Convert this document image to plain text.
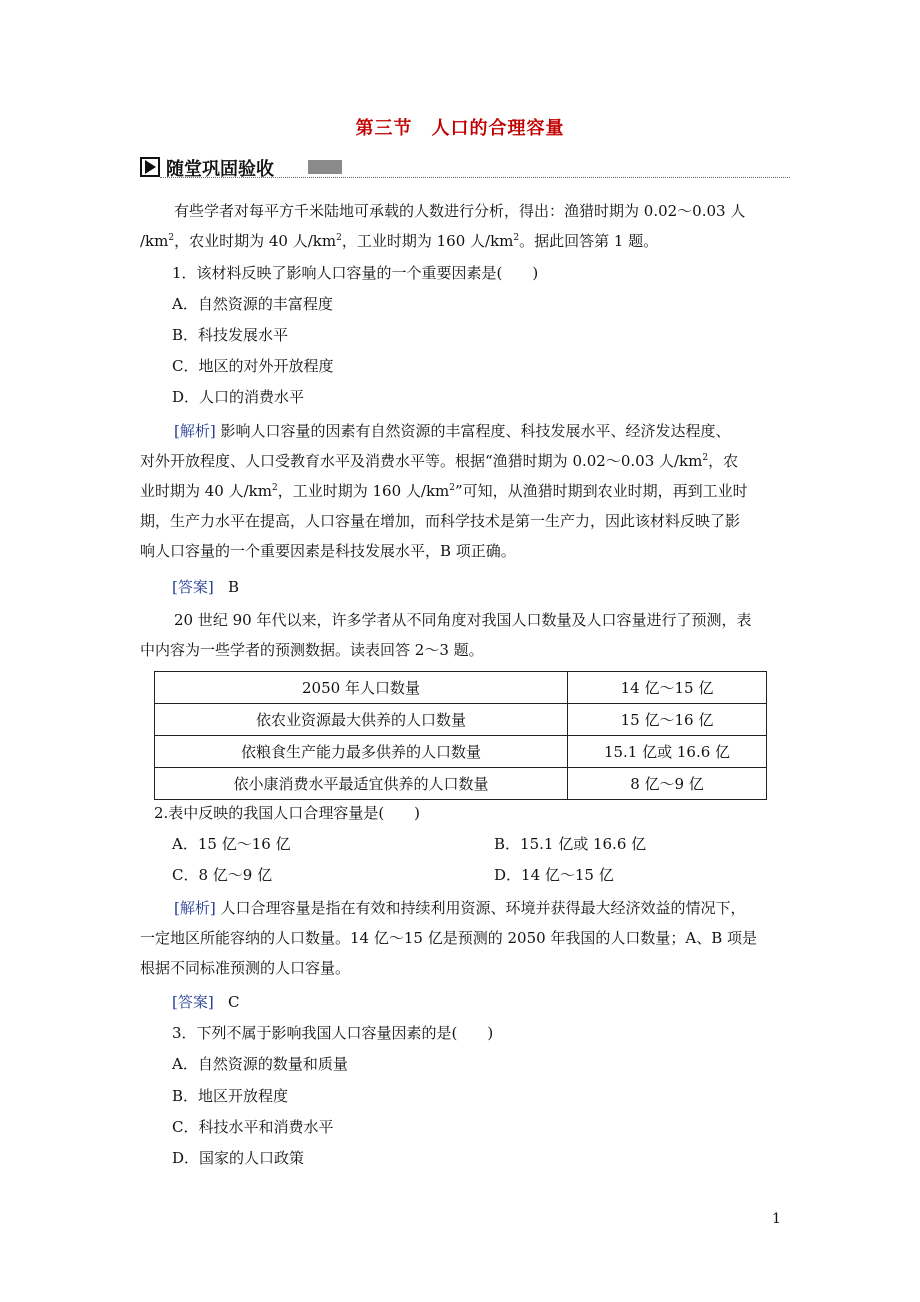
第三节　人口的合理容量
随堂巩固验收
有些学者对每平方千米陆地可承载的人数进行分析，得出：渔猎时期为 0.02～0.03 人
$/km^2$，农业时期为 40 人$/km^2$，工业时期为 160 人$/km^2$。据此回答第 1 题。
1．该材料反映了影响人口容量的一个重要因素是(　　)
A．自然资源的丰富程度
B．科技发展水平
C．地区的对外开放程度
D．人口的消费水平
[解析] 影响人口容量的因素有自然资源的丰富程度、科技发展水平、经济发达程度、
对外开放程度、人口受教育水平及消费水平等。根据“渔猎时期为 0.02～0.03 人$/km^2$，农
业时期为 40 人$/km^2$，工业时期为 160 人$/km^2$”可知，从渔猎时期到农业时期，再到工业时
期，生产力水平在提高，人口容量在增加，而科学技术是第一生产力，因此该材料反映了影
响人口容量的一个重要因素是科技发展水平，B 项正确。
[答案] B
20 世纪 90 年代以来，许多学者从不同角度对我国人口数量及人口容量进行了预测，表
中内容为一些学者的预测数据。读表回答 2～3 题。
2050 年人口数量	14 亿～15 亿
依农业资源最大供养的人口数量	15 亿～16 亿
依粮食生产能力最多供养的人口数量	15.1 亿或 16.6 亿
依小康消费水平最适宜供养的人口数量	8 亿～9 亿
2.表中反映的我国人口合理容量是(　　)
A．15 亿～16 亿	B．15.1 亿或 16.6 亿
C．8 亿～9 亿	D．14 亿～15 亿
[解析] 人口合理容量是指在有效和持续利用资源、环境并获得最大经济效益的情况下，
一定地区所能容纳的人口数量。14 亿～15 亿是预测的 2050 年我国的人口数量；A、B 项是
根据不同标准预测的人口容量。
[答案] C
3．下列不属于影响我国人口容量因素的是(　　)
A．自然资源的数量和质量
B．地区开放程度
C．科技水平和消费水平
D．国家的人口政策
1
